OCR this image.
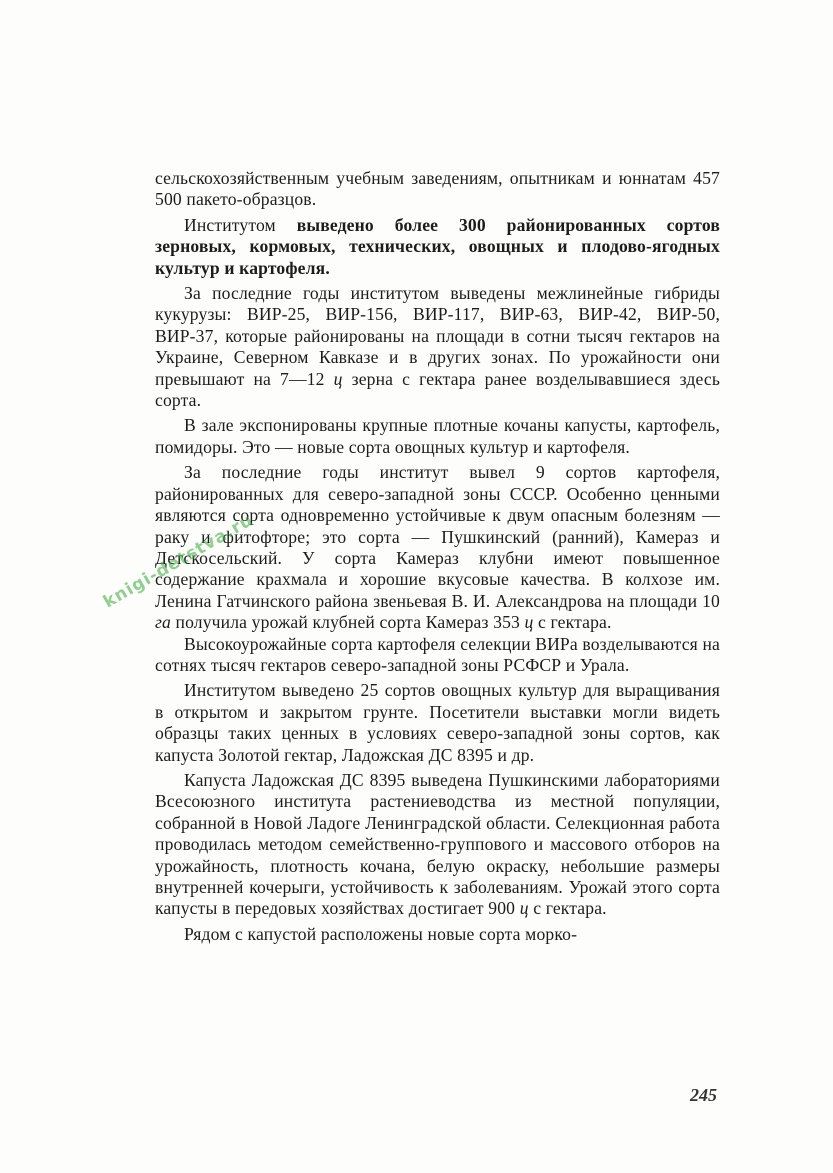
сельскохозяйственным учебным заведениям, опытникам и юннатам 457 500 пакето-образцов.

Институтом выведено более 300 районированных сортов зерновых, кормовых, технических, овощных и плодово-ягодных культур и картофеля.

За последние годы институтом выведены межлинейные гибриды кукурузы: ВИР-25, ВИР-156, ВИР-117, ВИР-63, ВИР-42, ВИР-50, ВИР-37, которые районированы на площади в сотни тысяч гектаров на Украине, Северном Кавказе и в других зонах. По урожайности они превышают на 7—12 ц зерна с гектара ранее возделывавшиеся здесь сорта.

В зале экспонированы крупные плотные кочаны капусты, картофель, помидоры. Это — новые сорта овощных культур и картофеля.

За последние годы институт вывел 9 сортов картофеля, районированных для северо-западной зоны СССР. Особенно ценными являются сорта одновременно устойчивые к двум опасным болезням — раку и фитофторе; это сорта — Пушкинский (ранний), Камераз и Детскосельский. У сорта Камераз клубни имеют повышенное содержание крахмала и хорошие вкусовые качества. В колхозе им. Ленина Гатчинского района звеньевая В. И. Александрова на площади 10 га получила урожай клубней сорта Камераз 353 ц с гектара.

Высокоурожайные сорта картофеля селекции ВИРа возделываются на сотнях тысяч гектаров северо-западной зоны РСФСР и Урала.

Институтом выведено 25 сортов овощных культур для выращивания в открытом и закрытом грунте. Посетители выставки могли видеть образцы таких ценных в условиях северо-западной зоны сортов, как капуста Золотой гектар, Ладожская ДС 8395 и др.

Капуста Ладожская ДС 8395 выведена Пушкинскими лабораториями Всесоюзного института растениеводства из местной популяции, собранной в Новой Ладоге Ленинградской области. Селекционная работа проводилась методом семейственно-группового и массового отборов на урожайность, плотность кочана, белую окраску, небольшие размеры внутренней кочерыги, устойчивость к заболеваниям. Урожай этого сорта капусты в передовых хозяйствах достигает 900 ц с гектара.

Рядом с капустой расположены новые сорта морко-

knigi-detstva.ru
245
